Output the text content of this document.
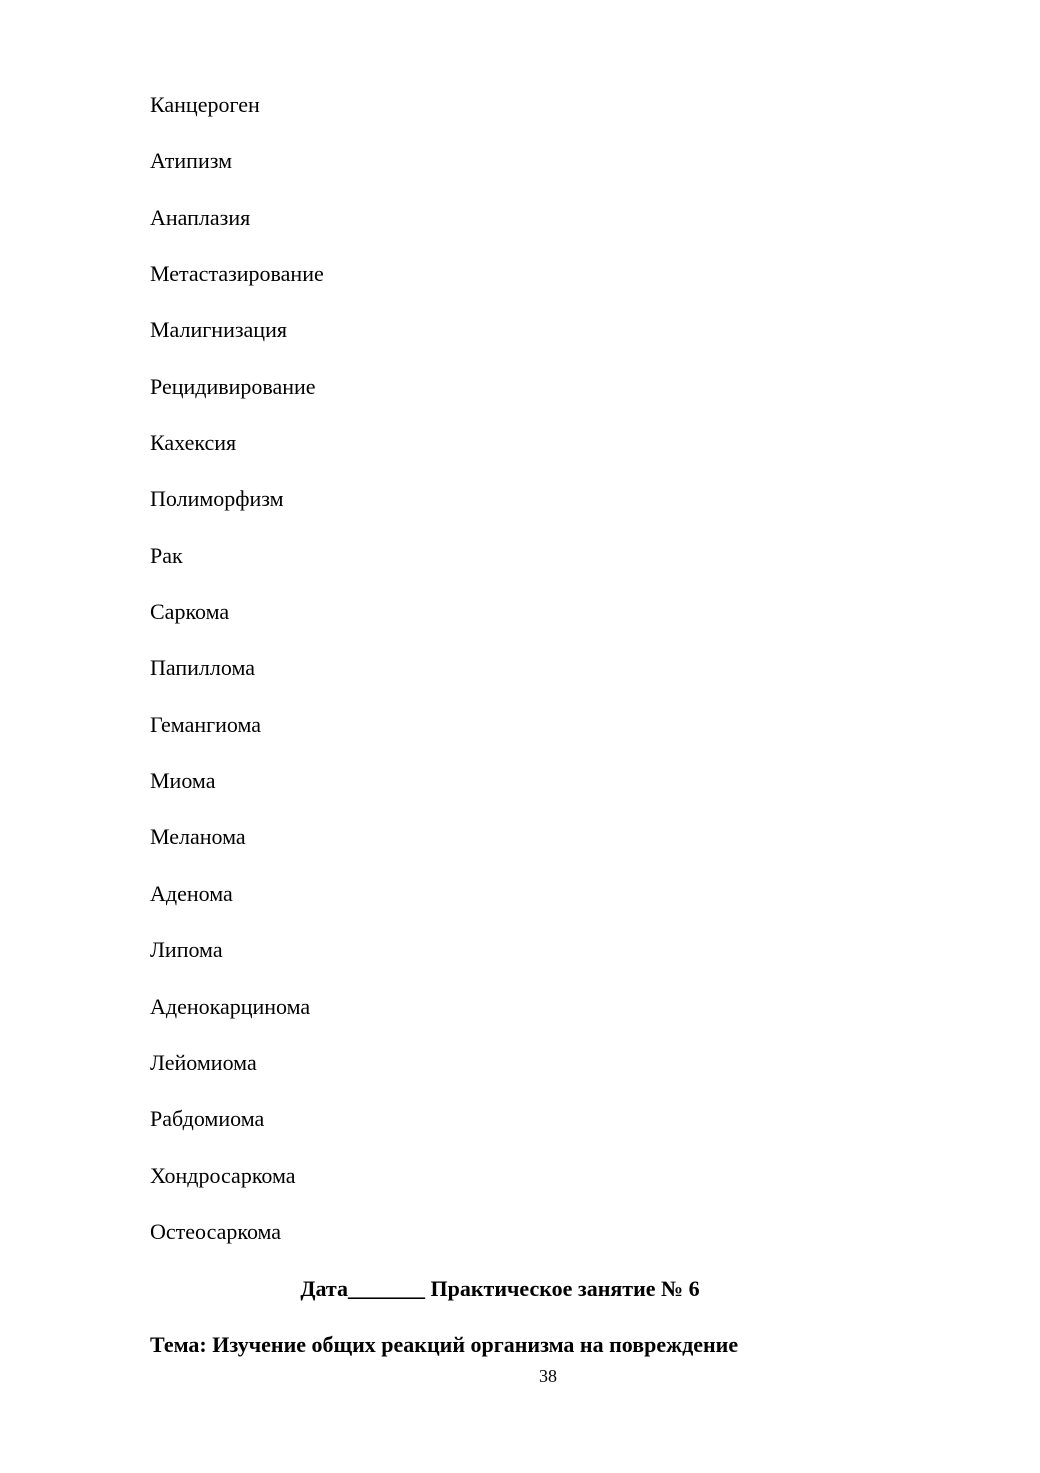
Канцероген
Атипизм
Анаплазия
Метастазирование
Малигнизация
Рецидивирование
Кахексия
Полиморфизм
Рак
Саркома
Папиллома
Гемангиома
Миома
Меланома
Аденома
Липома
Аденокарцинома
Лейомиома
Рабдомиома
Хондросаркома
Остеосаркома
Дата_______ Практическое занятие № 6
Тема: Изучение общих реакций организма на повреждение
38
